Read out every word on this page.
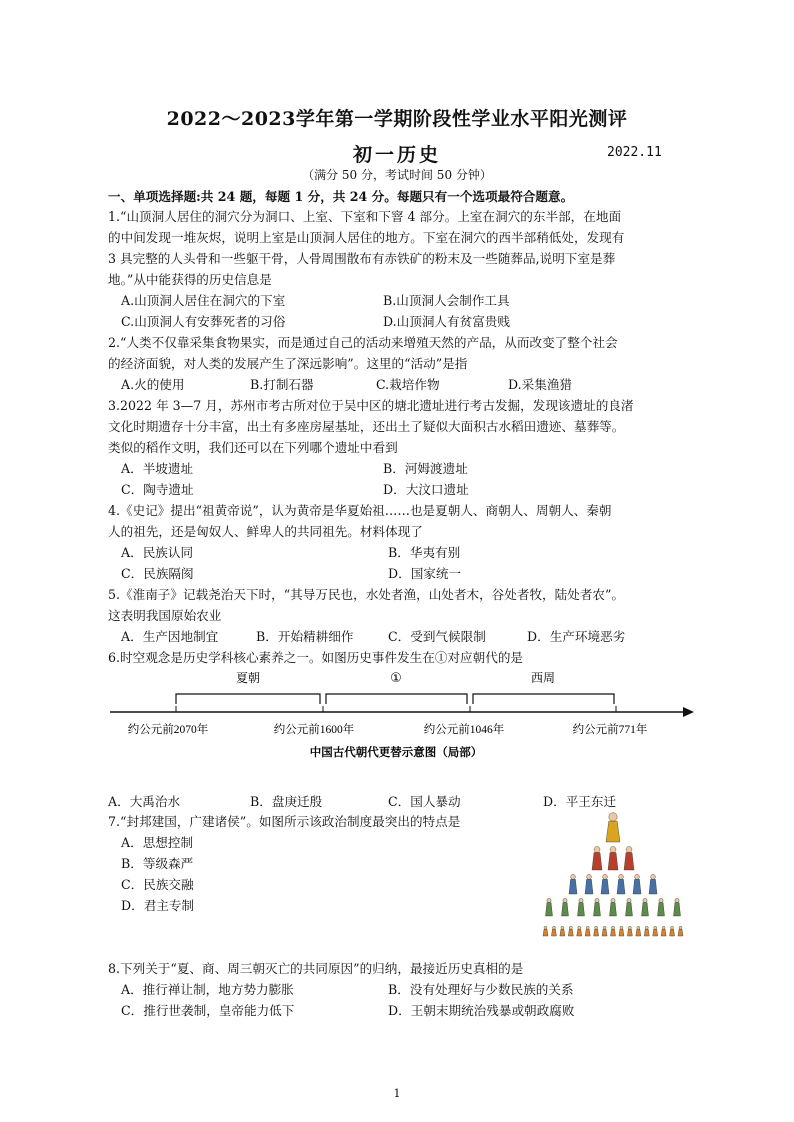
2022～2023学年第一学期阶段性学业水平阳光测评
初一历史	2022.11
（满分 50 分，考试时间 50 分钟）
一、单项选择题:共 24 题，每题 1 分，共 24 分。每题只有一个选项最符合题意。
1.“山顶洞人居住的洞穴分为洞口、上室、下室和下窨 4 部分。上室在洞穴的东半部，在地面
的中间发现一堆灰烬，说明上室是山顶洞人居住的地方。下室在洞穴的西半部稍低处，发现有
3 具完整的人头骨和一些躯干骨，人骨周围散布有赤铁矿的粉末及一些随葬品,说明下室是葬
地。”从中能获得的历史信息是
A.山顶洞人居住在洞穴的下室	B.山顶洞人会制作工具
C.山顶洞人有安葬死者的习俗	D.山顶洞人有贫富贵贱
2.“人类不仅靠采集食物果实，而是通过自己的活动来增殖天然的产品，从而改变了整个社会
的经济面貌，对人类的发展产生了深远影响”。这里的“活动”是指
A.火的使用	B.打制石器	C.栽培作物	D.采集渔猎
3.2022 年 3—7 月，苏州市考古所对位于吴中区的塘北遗址进行考古发掘，发现该遗址的良渚
文化时期遗存十分丰富，出土有多座房屋基址，还出土了疑似大面积古水稻田遗迹、墓葬等。
类似的稻作文明，我们还可以在下列哪个遗址中看到
A．半坡遗址	B．河姆渡遗址
C．陶寺遗址	D．大汶口遗址
4.《史记》提出“祖黄帝说”，认为黄帝是华夏始祖……也是夏朝人、商朝人、周朝人、秦朝
人的祖先，还是匈奴人、鲜卑人的共同祖先。材料体现了
A．民族认同	B．华夷有别
C．民族隔阂	D．国家统一
5.《淮南子》记载尧治天下时，“其导万民也，水处者渔，山处者木，谷处者牧，陆处者农”。
这表明我国原始农业
A．生产因地制宜	B．开始精耕细作	C．受到气候限制	D．生产环境恶劣
6.时空观念是历史学科核心素养之一。如图历史事件发生在①对应朝代的是
夏朝	①	西周
约公元前2070年	约公元前1600年	约公元前1046年	约公元前771年
中国古代朝代更替示意图（局部）
A．大禹治水	B．盘庚迁殷	C．国人暴动	D．平王东迁
7.“封邦建国，广建诸侯”。如图所示该政治制度最突出的特点是
A．思想控制
B．等级森严
C．民族交融
D．君主专制
8.下列关于“夏、商、周三朝灭亡的共同原因”的归纳，最接近历史真相的是
A．推行禅让制，地方势力膨胀	B．没有处理好与少数民族的关系
C．推行世袭制，皇帝能力低下	D．王朝末期统治残暴或朝政腐败
1
